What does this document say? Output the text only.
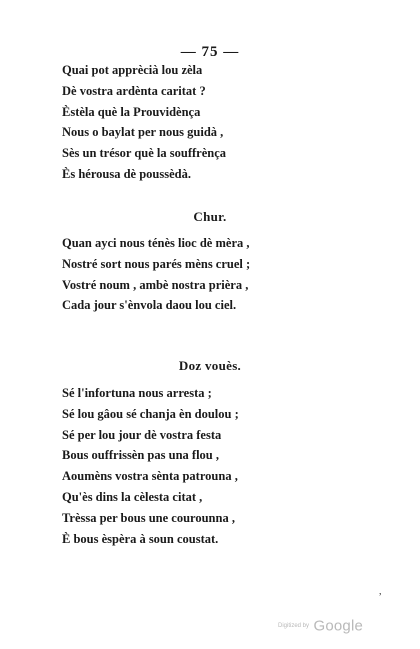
— 75 —
Quai pot apprècià lou zèla
Dè vostra ardènta caritat ?
Èstèla què la Prouvidènça
Nous o baylat per nous guidà ,
Sès un trésor què la souffrènça
Ès hérousa dè poussèdà.
Chur.
Quan ayci nous ténès lioc dè mèra ,
Nostré sort nous parés mèns cruel ;
Vostré noum , ambè nostra prièra ,
Cada jour s'ènvola daou lou ciel.
Doz vouès.
Sé l'infortuna nous arresta ;
Sé lou gâou sé chanja èn doulou ;
Sé per lou jour dè vostra festa
Bous ouffrissèn pas una flou ,
Aoumèns vostra sènta patrouna ,
Qu'ès dins la cèlesta citat ,
Trèssa per bous une courounna ,
È bous èspèra à soun coustat.
,
Digitized by Google
